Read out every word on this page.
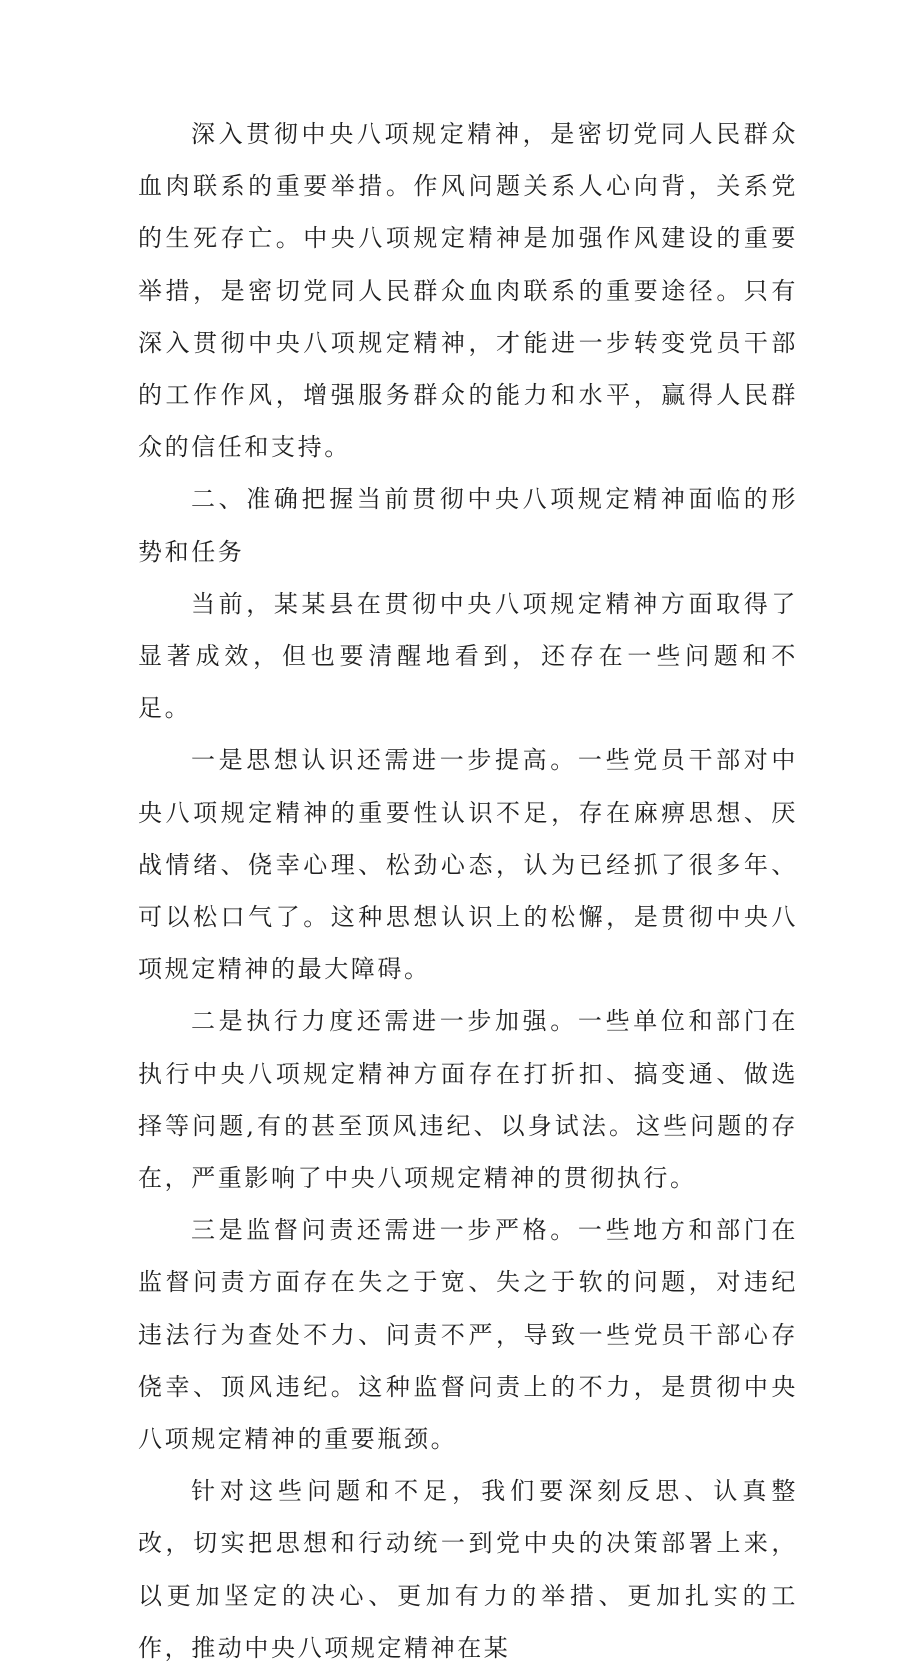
深入贯彻中央八项规定精神，是密切党同人民群众血肉联系的重要举措。作风问题关系人心向背，关系党的生死存亡。中央八项规定精神是加强作风建设的重要举措，是密切党同人民群众血肉联系的重要途径。只有深入贯彻中央八项规定精神，才能进一步转变党员干部的工作作风，增强服务群众的能力和水平，赢得人民群众的信任和支持。

二、准确把握当前贯彻中央八项规定精神面临的形势和任务

当前，某某县在贯彻中央八项规定精神方面取得了显著成效，但也要清醒地看到，还存在一些问题和不足。

一是思想认识还需进一步提高。一些党员干部对中央八项规定精神的重要性认识不足，存在麻痹思想、厌战情绪、侥幸心理、松劲心态，认为已经抓了很多年、可以松口气了。这种思想认识上的松懈，是贯彻中央八项规定精神的最大障碍。

二是执行力度还需进一步加强。一些单位和部门在执行中央八项规定精神方面存在打折扣、搞变通、做选择等问题,有的甚至顶风违纪、以身试法。这些问题的存在，严重影响了中央八项规定精神的贯彻执行。

三是监督问责还需进一步严格。一些地方和部门在监督问责方面存在失之于宽、失之于软的问题，对违纪违法行为查处不力、问责不严，导致一些党员干部心存侥幸、顶风违纪。这种监督问责上的不力，是贯彻中央八项规定精神的重要瓶颈。

针对这些问题和不足，我们要深刻反思、认真整改，切实把思想和行动统一到党中央的决策部署上来，以更加坚定的决心、更加有力的举措、更加扎实的工作，推动中央八项规定精神在某
